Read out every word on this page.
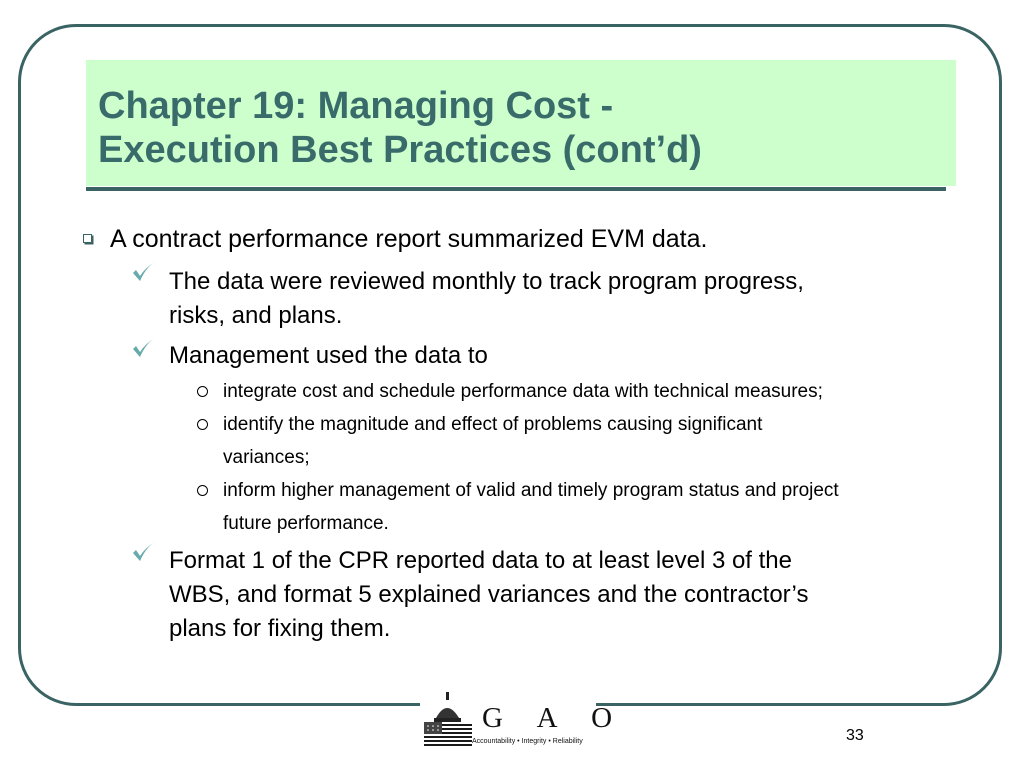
Chapter 19: Managing Cost -
Execution Best Practices (cont’d)
A contract performance report summarized EVM data.
The data were reviewed monthly to track program progress,
risks, and plans.
Management used the data to
integrate cost and schedule performance data with technical measures;
identify the magnitude and effect of problems causing significant
variances;
inform higher management of valid and timely program status and project
future performance.
Format 1 of the CPR reported data to at least level 3 of the
WBS, and format 5 explained variances and the contractor’s
plans for fixing them.
G A O
Accountability • Integrity • Reliability	33
